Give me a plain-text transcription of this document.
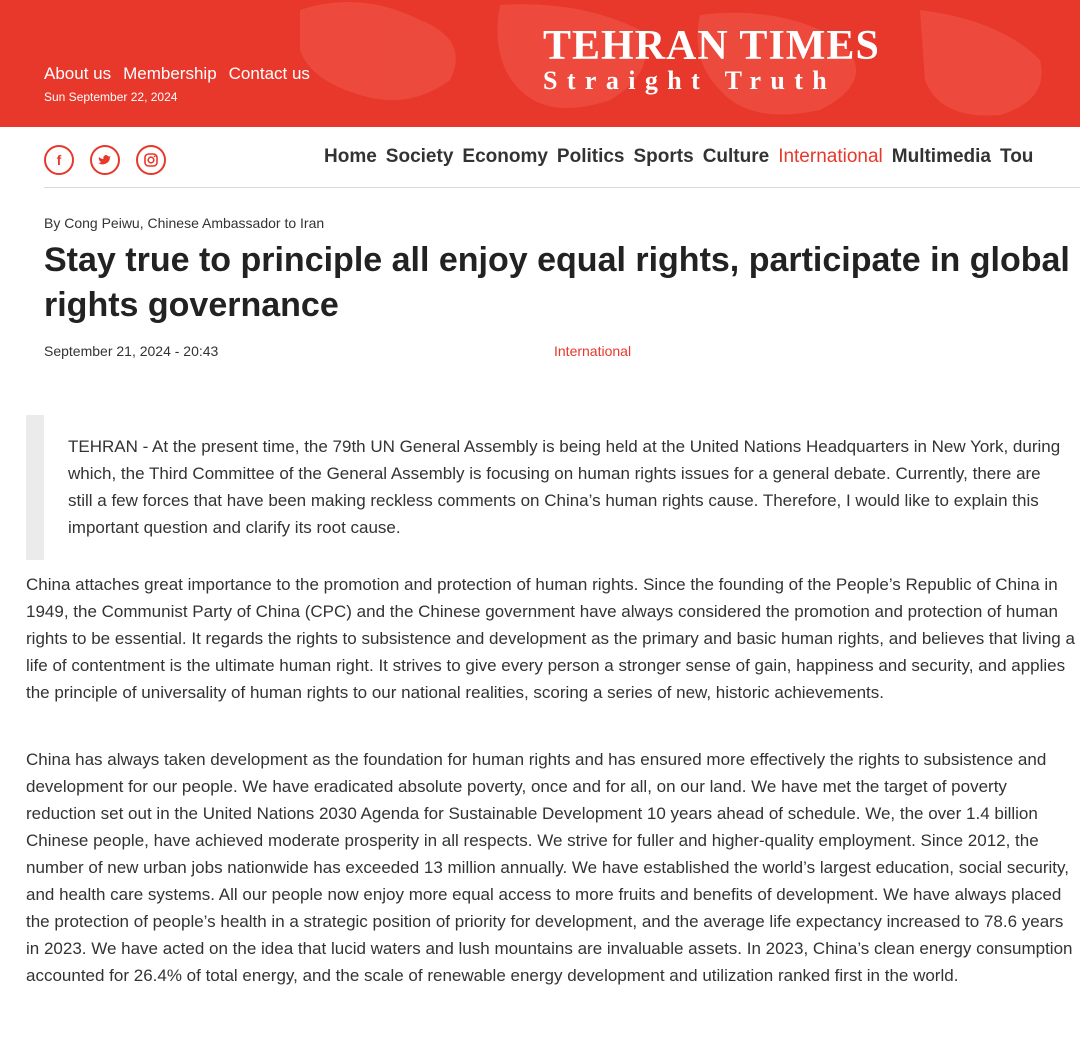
About us Membership Contact us
Sun September 22, 2024
TEHRAN TIMES
Straight Truth
f	Home Society Economy Politics Sports Culture International Multimedia Tou
By Cong Peiwu, Chinese Ambassador to Iran
Stay true to principle all enjoy equal rights, participate in global rights governance
September 21, 2024 - 20:43	International

TEHRAN - At the present time, the 79th UN General Assembly is being held at the United Nations Headquarters in New York, during which, the Third Committee of the General Assembly is focusing on human rights issues for a general debate. Currently, there are still a few forces that have been making reckless comments on China’s human rights cause. Therefore, I would like to explain this important question and clarify its root cause.

China attaches great importance to the promotion and protection of human rights. Since the founding of the People’s Republic of China in 1949, the Communist Party of China (CPC) and the Chinese government have always considered the promotion and protection of human rights to be essential. It regards the rights to subsistence and development as the primary and basic human rights, and believes that living a life of contentment is the ultimate human right. It strives to give every person a stronger sense of gain, happiness and security, and applies the principle of universality of human rights to our national realities, scoring a series of new, historic achievements.

China has always taken development as the foundation for human rights and has ensured more effectively the rights to subsistence and development for our people. We have eradicated absolute poverty, once and for all, on our land. We have met the target of poverty reduction set out in the United Nations 2030 Agenda for Sustainable Development 10 years ahead of schedule. We, the over 1.4 billion Chinese people, have achieved moderate prosperity in all respects. We strive for fuller and higher-quality employment. Since 2012, the number of new urban jobs nationwide has exceeded 13 million annually. We have established the world’s largest education, social security, and health care systems. All our people now enjoy more equal access to more fruits and benefits of development. We have always placed the protection of people’s health in a strategic position of priority for development, and the average life expectancy increased to 78.6 years in 2023. We have acted on the idea that lucid waters and lush mountains are invaluable assets. In 2023, China’s clean energy consumption accounted for 26.4% of total energy, and the scale of renewable energy development and utilization ranked first in the world.
